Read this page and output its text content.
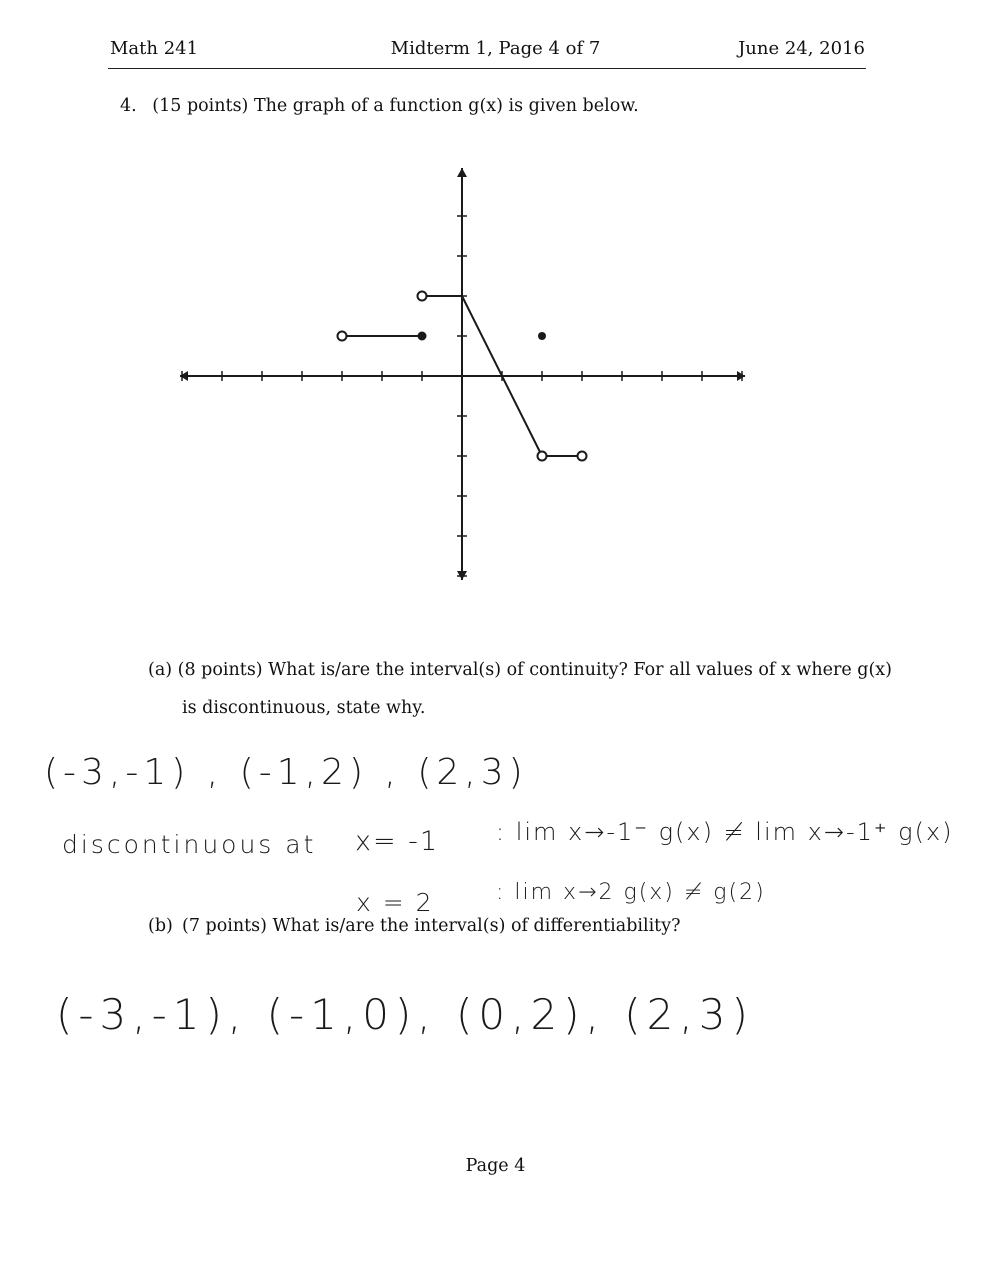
Math 241	Midterm 1, Page 4 of 7	June 24, 2016
4. (15 points) The graph of a function g(x) is given below.
(a) (8 points) What is/are the interval(s) of continuity? For all values of x where g(x)
is discontinuous, state why.
(-3,-1) , (-1,2) , (2,3)
discontinuous at x= -1 : lim x→-1⁻ g(x) ≠ lim x→-1⁺ g(x)
x = 2	: lim x→2 g(x) ≠ g(2)
(b) (7 points) What is/are the interval(s) of differentiability?
(-3,-1), (-1,0), (0,2), (2,3)
Page 4
